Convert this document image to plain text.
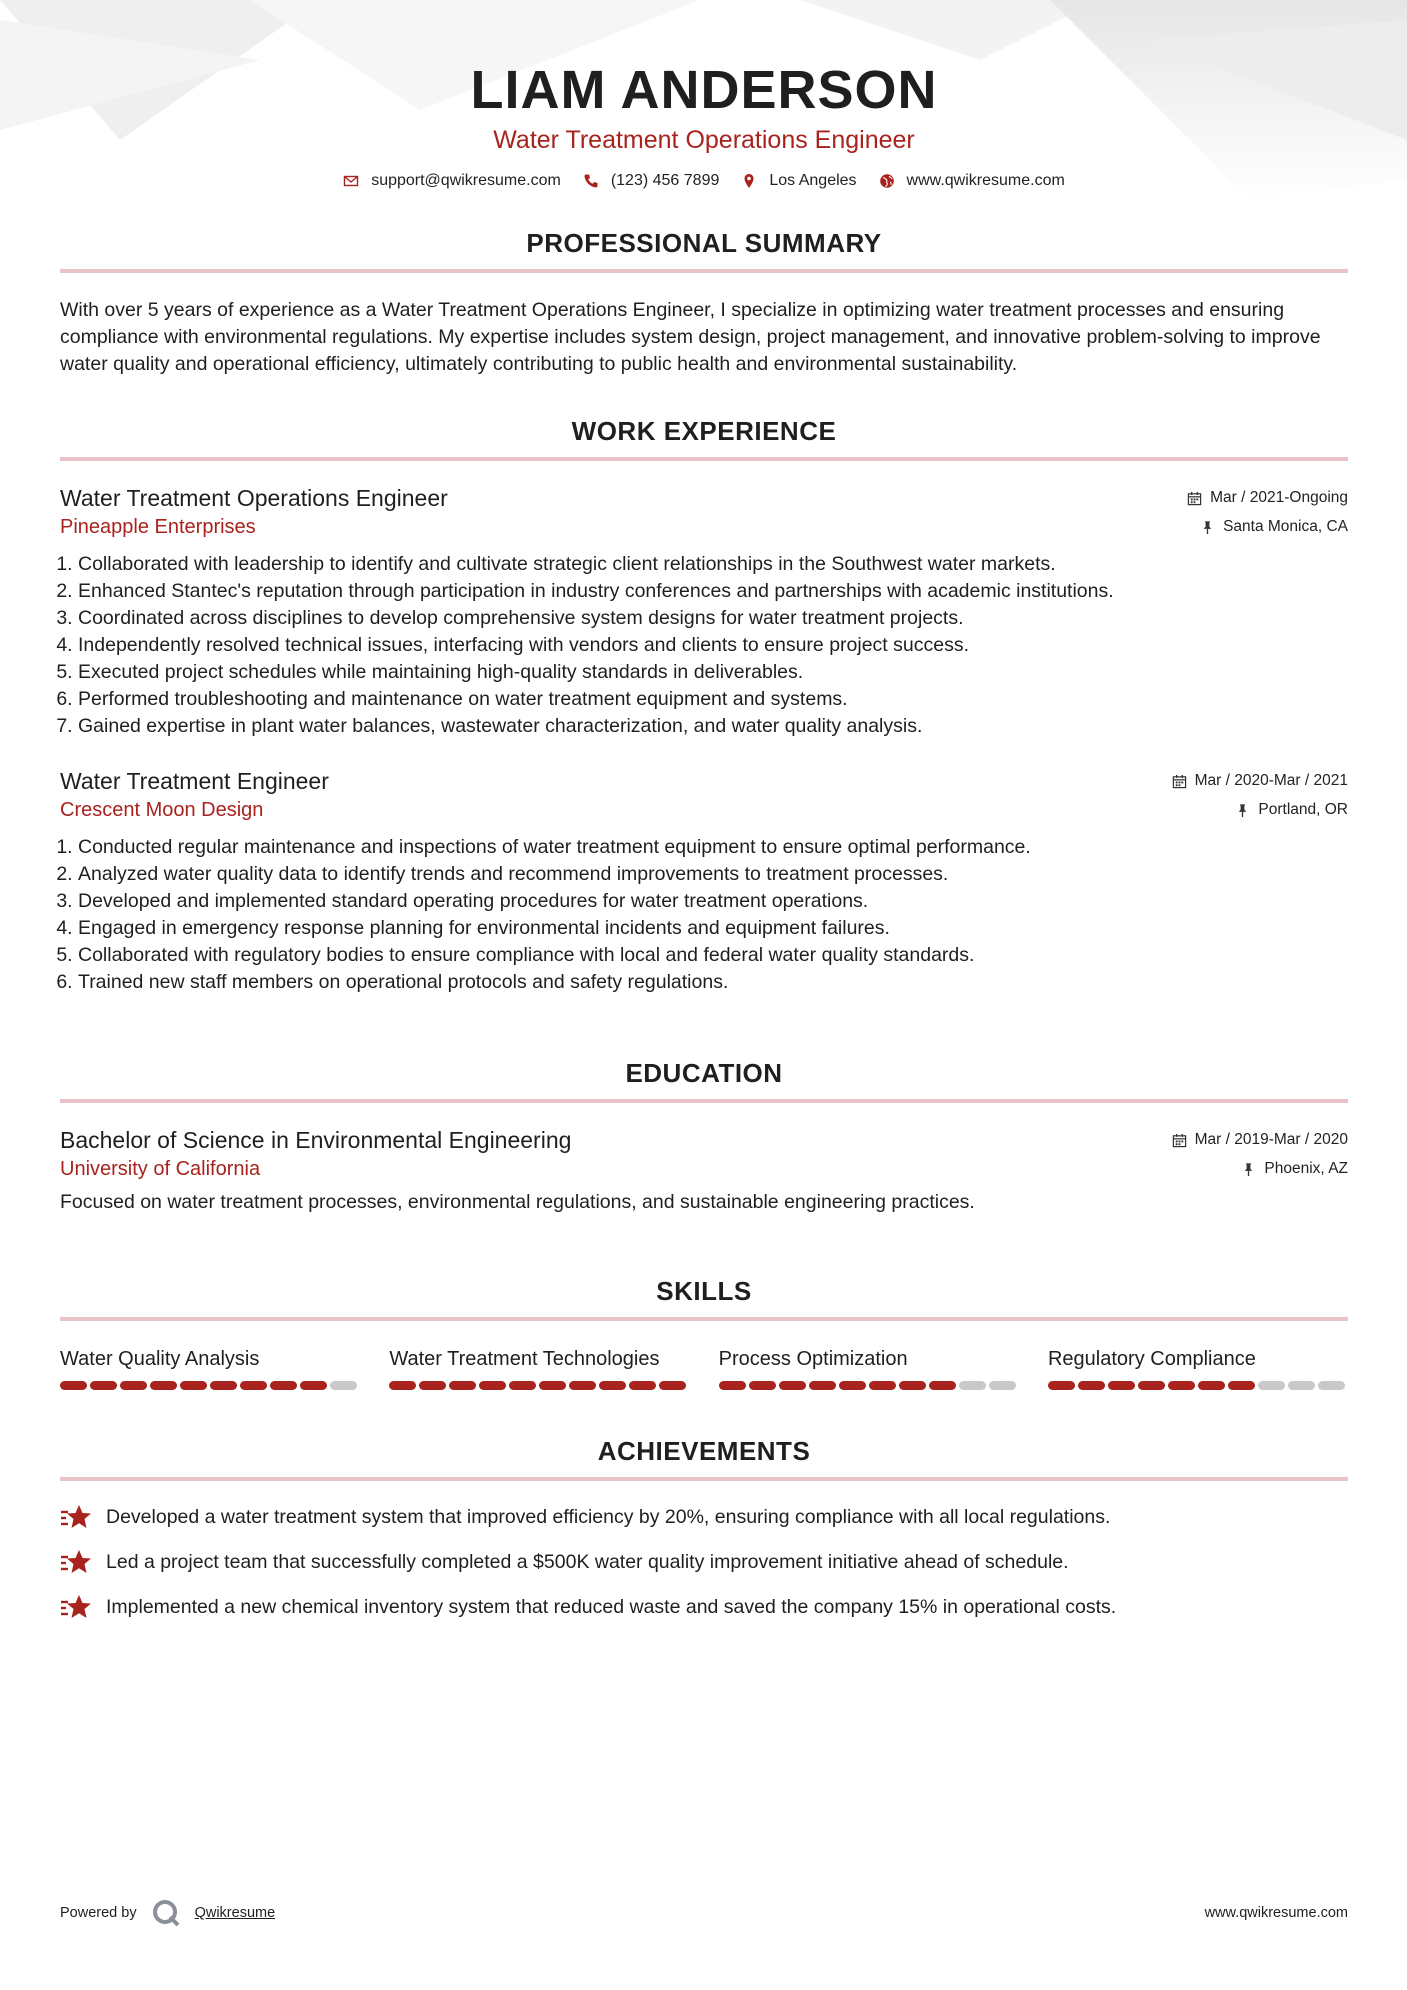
LIAM ANDERSON
Water Treatment Operations Engineer
support@qwikresume.com	(123) 456 7899	Los Angeles	www.qwikresume.com
PROFESSIONAL SUMMARY
With over 5 years of experience as a Water Treatment Operations Engineer, I specialize in optimizing water treatment processes and ensuring compliance with environmental regulations. My expertise includes system design, project management, and innovative problem-solving to improve water quality and operational efficiency, ultimately contributing to public health and environmental sustainability.
WORK EXPERIENCE
Water Treatment Operations Engineer	Mar / 2021-Ongoing
Pineapple Enterprises	Santa Monica, CA
1. Collaborated with leadership to identify and cultivate strategic client relationships in the Southwest water markets.
2. Enhanced Stantec's reputation through participation in industry conferences and partnerships with academic institutions.
3. Coordinated across disciplines to develop comprehensive system designs for water treatment projects.
4. Independently resolved technical issues, interfacing with vendors and clients to ensure project success.
5. Executed project schedules while maintaining high-quality standards in deliverables.
6. Performed troubleshooting and maintenance on water treatment equipment and systems.
7. Gained expertise in plant water balances, wastewater characterization, and water quality analysis.
Water Treatment Engineer	Mar / 2020-Mar / 2021
Crescent Moon Design	Portland, OR
1. Conducted regular maintenance and inspections of water treatment equipment to ensure optimal performance.
2. Analyzed water quality data to identify trends and recommend improvements to treatment processes.
3. Developed and implemented standard operating procedures for water treatment operations.
4. Engaged in emergency response planning for environmental incidents and equipment failures.
5. Collaborated with regulatory bodies to ensure compliance with local and federal water quality standards.
6. Trained new staff members on operational protocols and safety regulations.
EDUCATION
Bachelor of Science in Environmental Engineering	Mar / 2019-Mar / 2020
University of California	Phoenix, AZ
Focused on water treatment processes, environmental regulations, and sustainable engineering practices.
SKILLS
Water Quality Analysis	Water Treatment Technologies	Process Optimization	Regulatory Compliance
ACHIEVEMENTS
Developed a water treatment system that improved efficiency by 20%, ensuring compliance with all local regulations.
Led a project team that successfully completed a $500K water quality improvement initiative ahead of schedule.
Implemented a new chemical inventory system that reduced waste and saved the company 15% in operational costs.
Powered by	Qwikresume	www.qwikresume.com
